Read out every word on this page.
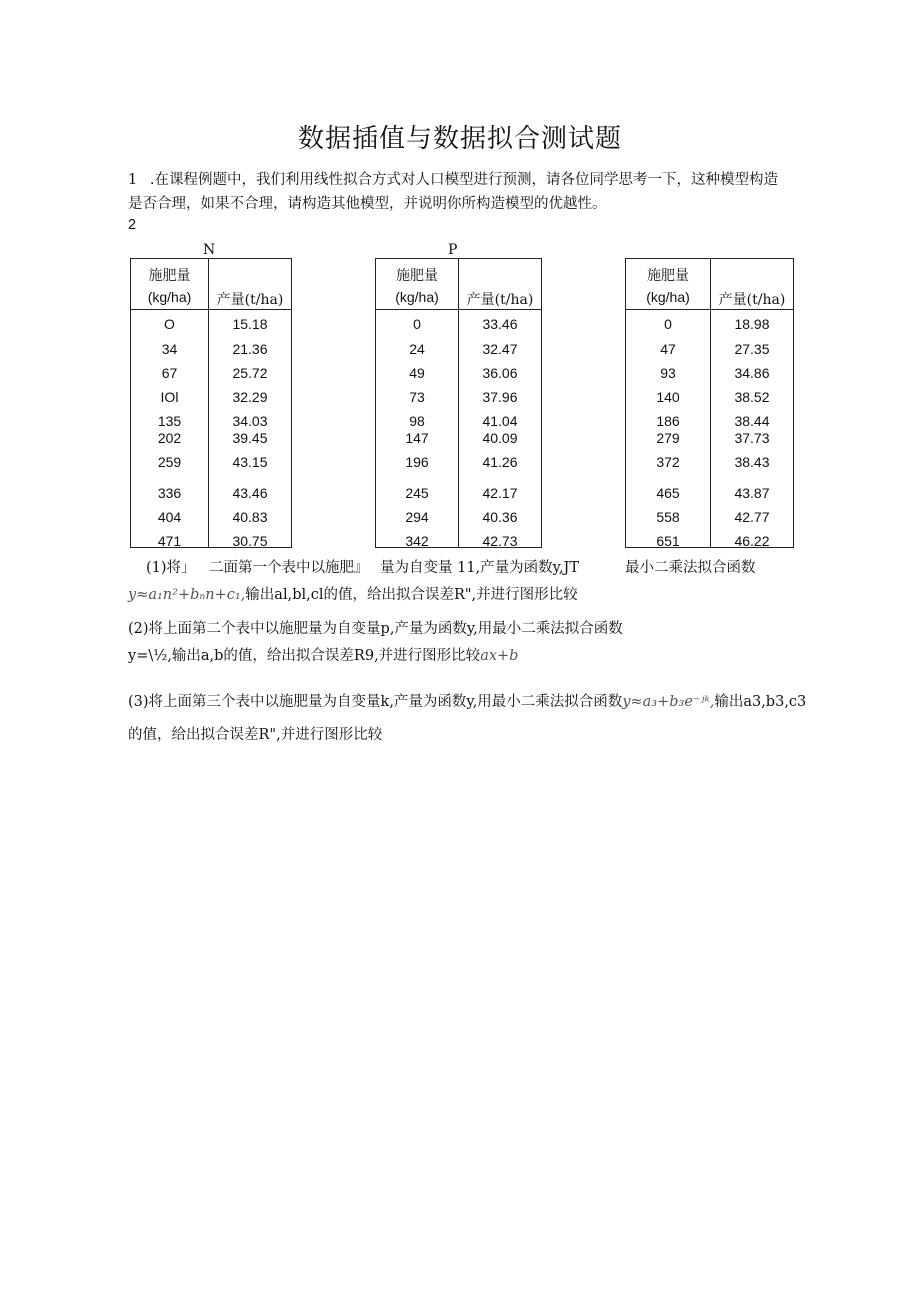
数据插值与数据拟合测试题
1 .在课程例题中，我们利用线性拟合方式对人口模型进行预测，请各位同学思考一下，这种模型构造
是否合理，如果不合理，请构造其他模型，并说明你所构造模型的优越性。
2
N	P
施肥量
(kg/ha)	产量(t/ha)
O	15.18
34	21.36
67	25.72
IOl	32.29
135	34.03
202	39.45
259	43.15
336	43.46
404	40.83
471	30.75
施肥量
(kg/ha)	产量(t/ha)
0	33.46
24	32.47
49	36.06
73	37.96
98	41.04
147	40.09
196	41.26
245	42.17
294	40.36
342	42.73
施肥量
(kg/ha)	产量(t/ha)
0	18.98
47	27.35
93	34.86
140	38.52
186	38.44
279	37.73
372	38.43
465	43.87
558	42.77
651	46.22
(1)将」 二面第一个表中以施肥』 量为自变量 11,产量为函数y,JT	最小二乘法拟合函数
y≈a₁n²+bₙn+c₁,输出al,bl,cl的值，给出拟合误差R",并进行图形比较
(2)将上面第二个表中以施肥量为自变量p,产量为函数y,用最小二乘法拟合函数
y=\½,输出a,b的值，给出拟合误差R9,并进行图形比较ax+b
(3)将上面第三个表中以施肥量为自变量k,产量为函数y,用最小二乘法拟合函数y≈a₃+b₃e⁻ʲᵏ,输出a3,b3,c3
的值，给出拟合误差R",并进行图形比较
